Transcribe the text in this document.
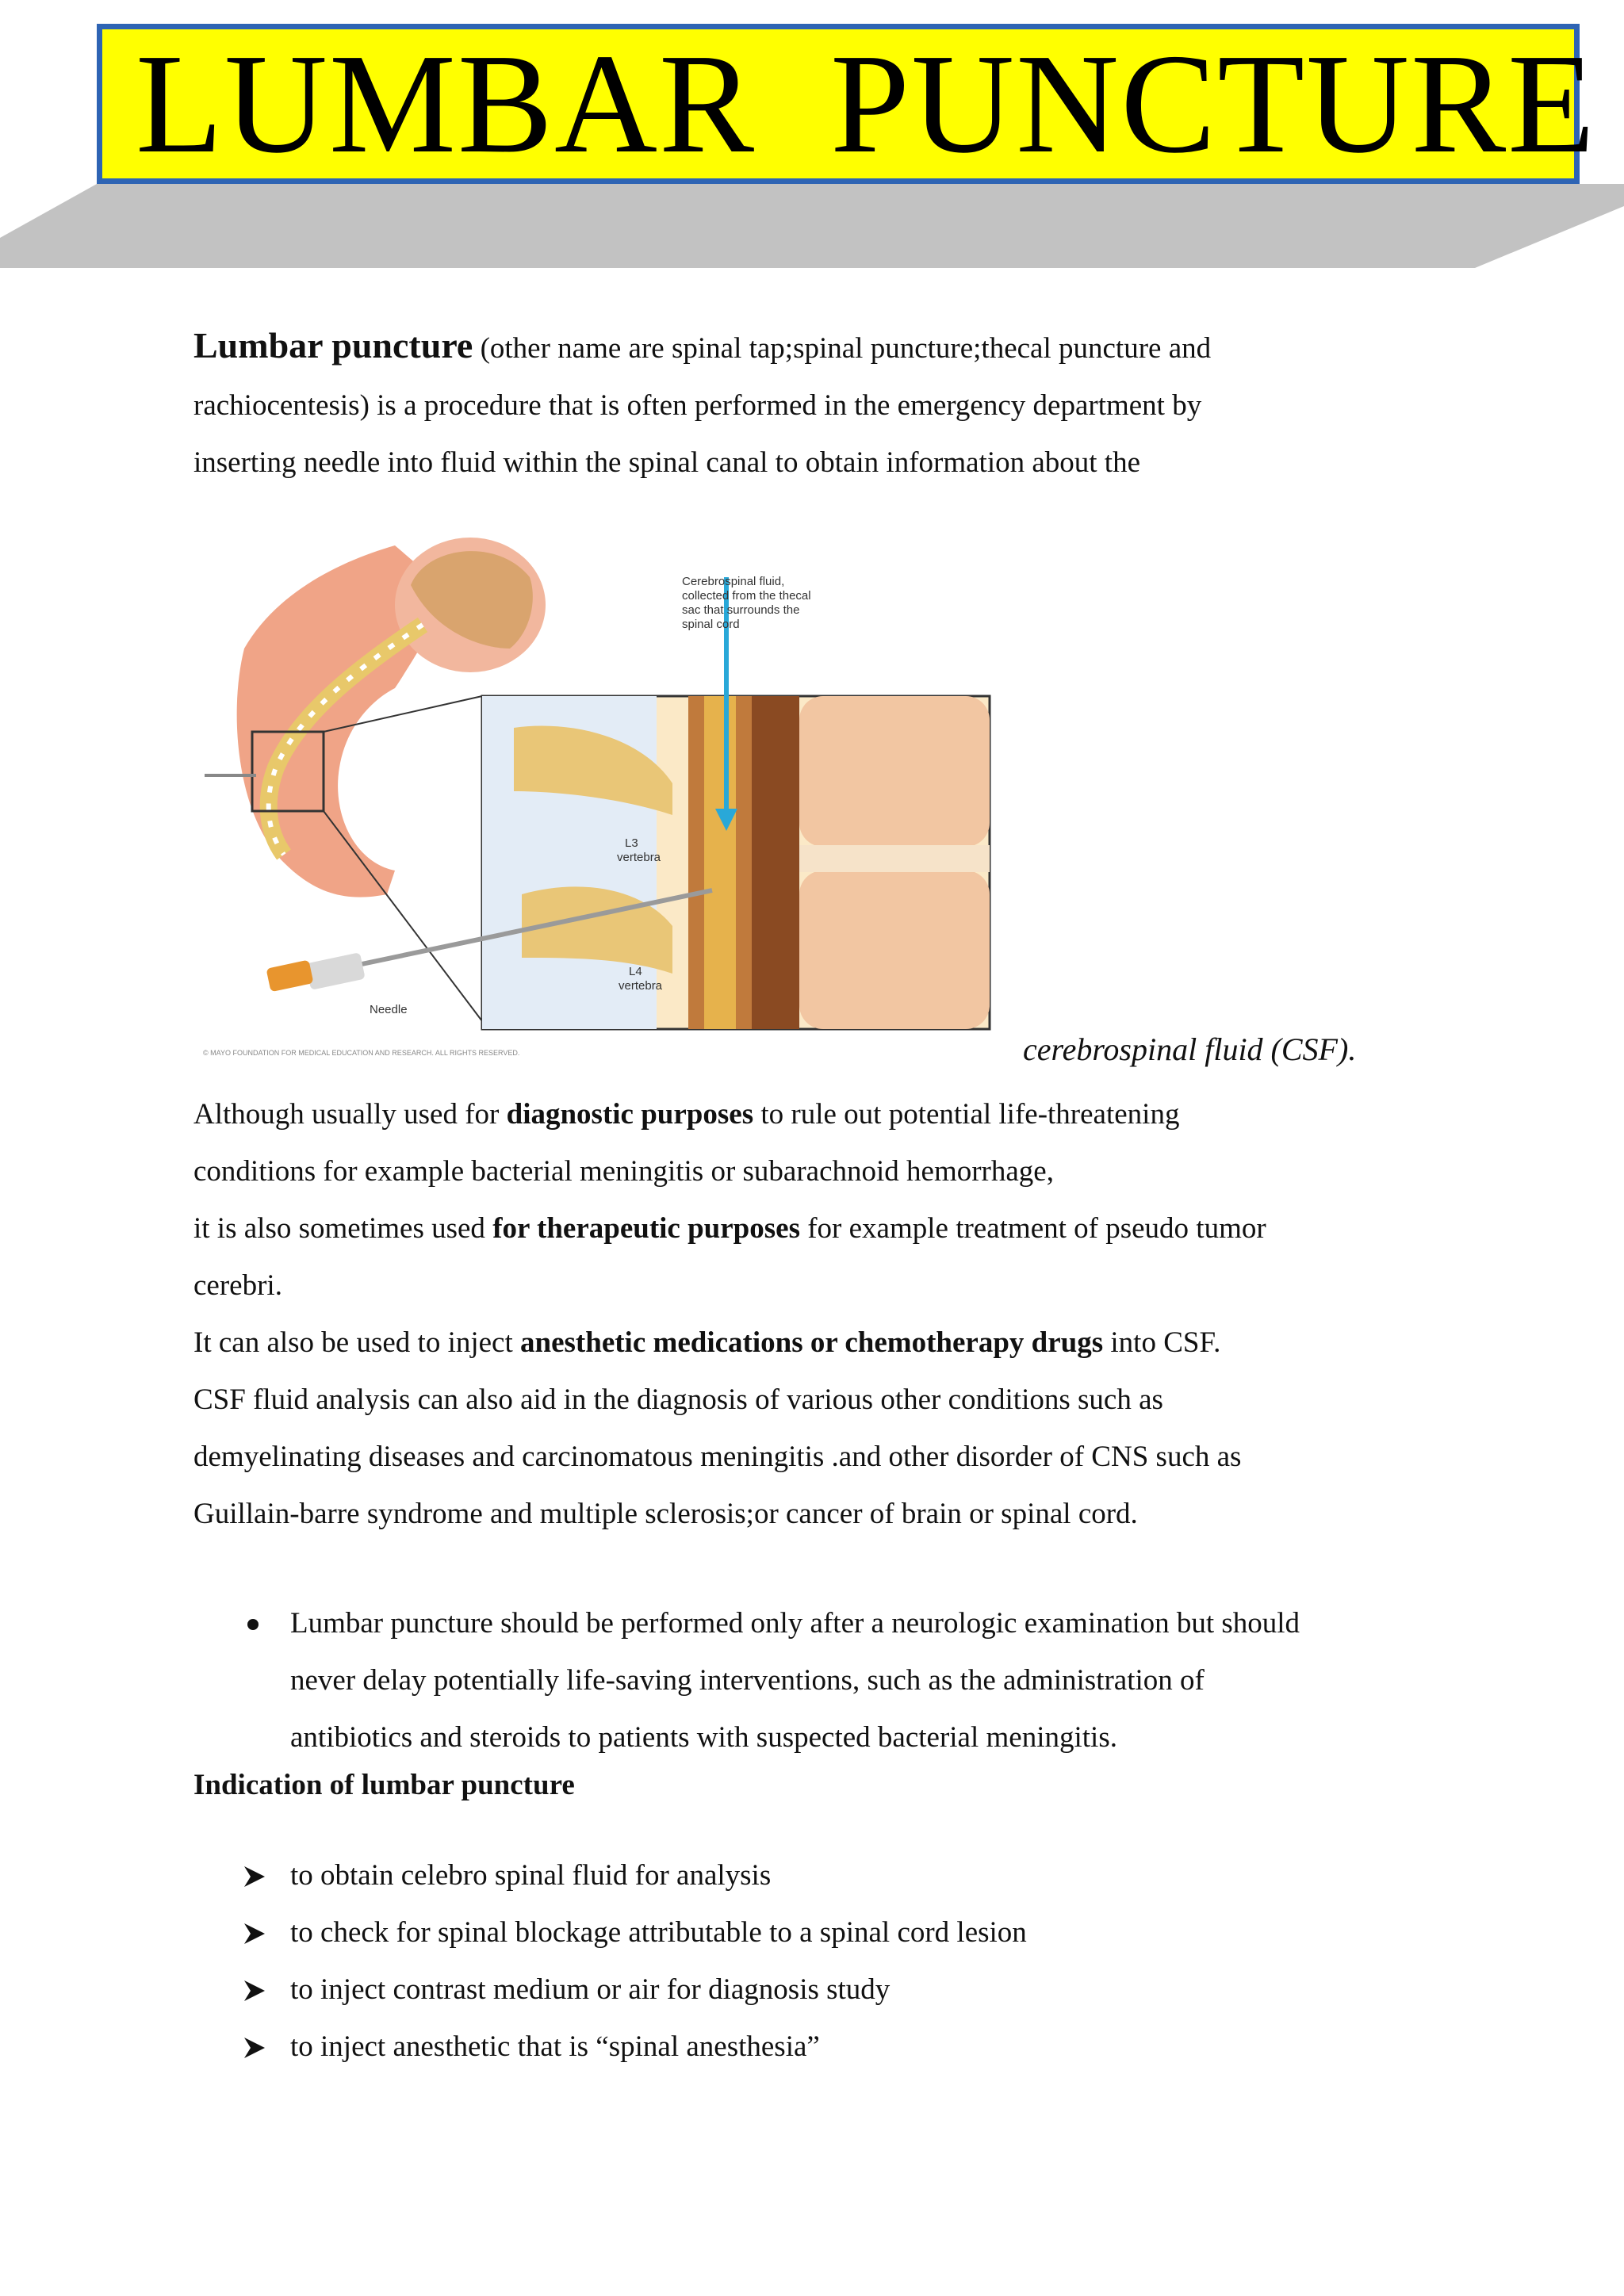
LUMBAR  PUNCTURE
Lumbar puncture (other name are spinal tap;spinal puncture;thecal puncture and
rachiocentesis) is a procedure that is often performed in the emergency department by
inserting needle into fluid within the spinal canal to obtain information about the
Cerebrospinal fluid,
collected from the thecal
sac that surrounds the
spinal cord
L3
vertebra
L4
vertebra
Needle
© MAYO FOUNDATION FOR MEDICAL EDUCATION AND RESEARCH. ALL RIGHTS RESERVED.	cerebrospinal fluid (CSF).
Although usually used for diagnostic purposes to rule out potential life-threatening
conditions for example bacterial meningitis or subarachnoid hemorrhage,
it is also sometimes used for therapeutic purposes for example treatment of pseudo tumor
cerebri.
It can also be used to inject anesthetic medications or chemotherapy drugs into CSF.
CSF fluid analysis can also aid in the diagnosis of various other conditions such as
demyelinating diseases and carcinomatous meningitis .and other disorder of CNS such as
Guillain-barre syndrome and multiple sclerosis;or cancer of brain or spinal cord.
Lumbar puncture should be performed only after a neurologic examination but should
never delay potentially life-saving interventions, such as the administration of
antibiotics and steroids to patients with suspected bacterial meningitis.
Indication of lumbar puncture
to obtain celebro spinal fluid for analysis
to check for spinal blockage attributable to a spinal cord lesion
to inject contrast medium or air for diagnosis study
to inject anesthetic that is “spinal anesthesia”
